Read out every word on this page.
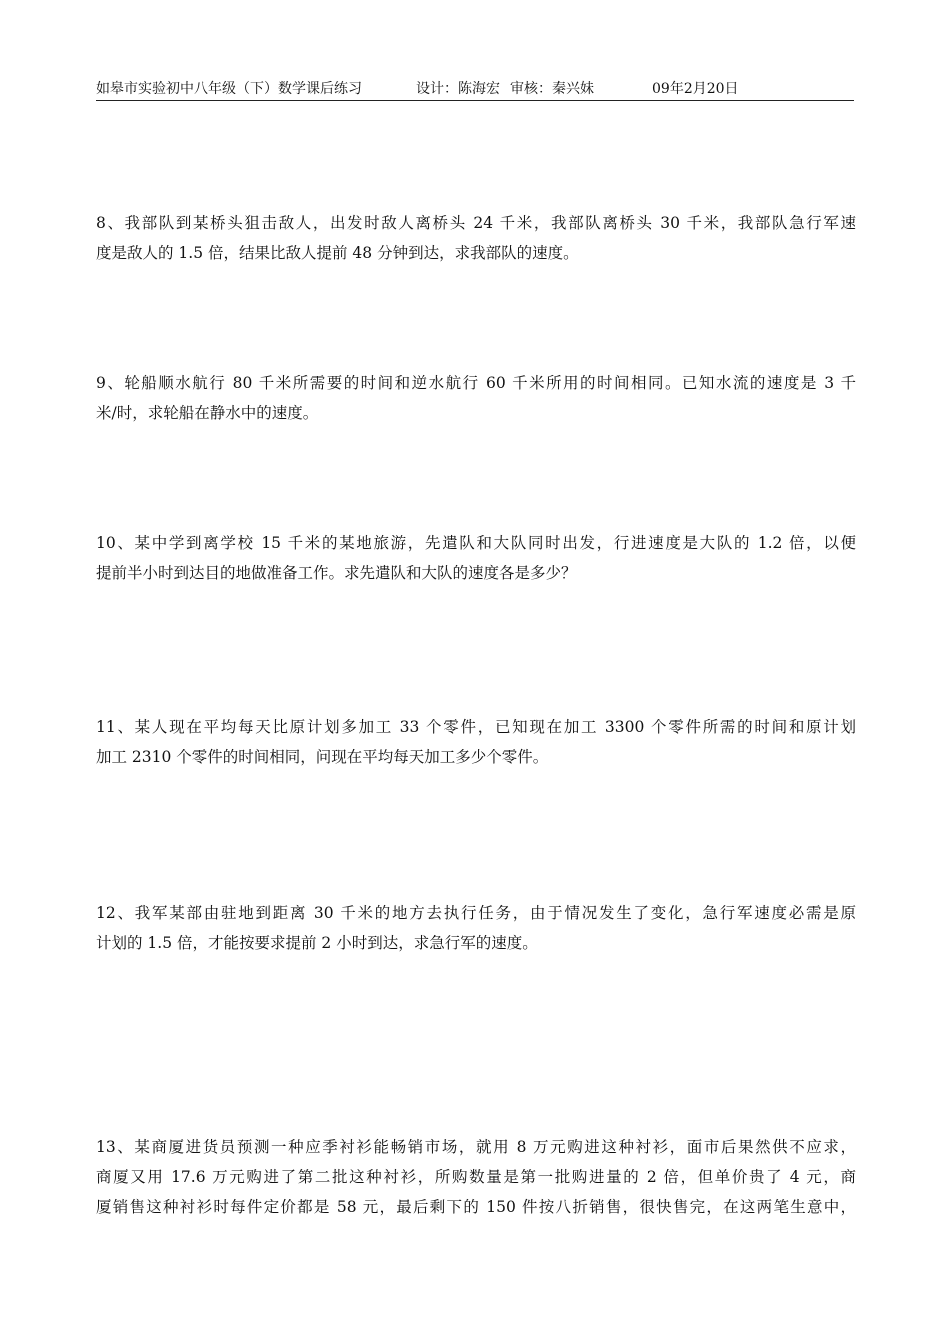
如皋市实验初中八年级（下）数学课后练习	设计：陈海宏 审核：秦兴妹	09年2月20日

8、我部队到某桥头狙击敌人，出发时敌人离桥头 24 千米，我部队离桥头 30 千米，我部队急行军速

度是敌人的 1.5 倍，结果比敌人提前 48 分钟到达，求我部队的速度。

9、轮船顺水航行 80 千米所需要的时间和逆水航行 60 千米所用的时间相同。已知水流的速度是 3 千

米/时，求轮船在静水中的速度。

10、某中学到离学校 15 千米的某地旅游，先遣队和大队同时出发，行进速度是大队的 1.2 倍，以便

提前半小时到达目的地做准备工作。求先遣队和大队的速度各是多少？

11、某人现在平均每天比原计划多加工 33 个零件，已知现在加工 3300 个零件所需的时间和原计划

加工 2310 个零件的时间相同，问现在平均每天加工多少个零件。

12、我军某部由驻地到距离 30 千米的地方去执行任务，由于情况发生了变化，急行军速度必需是原

计划的 1.5 倍，才能按要求提前 2 小时到达，求急行军的速度。

13、某商厦进货员预测一种应季衬衫能畅销市场，就用 8 万元购进这种衬衫，面市后果然供不应求，

商厦又用 17.6 万元购进了第二批这种衬衫，所购数量是第一批购进量的 2 倍，但单价贵了 4 元，商

厦销售这种衬衫时每件定价都是 58 元，最后剩下的 150 件按八折销售，很快售完，在这两笔生意中，
